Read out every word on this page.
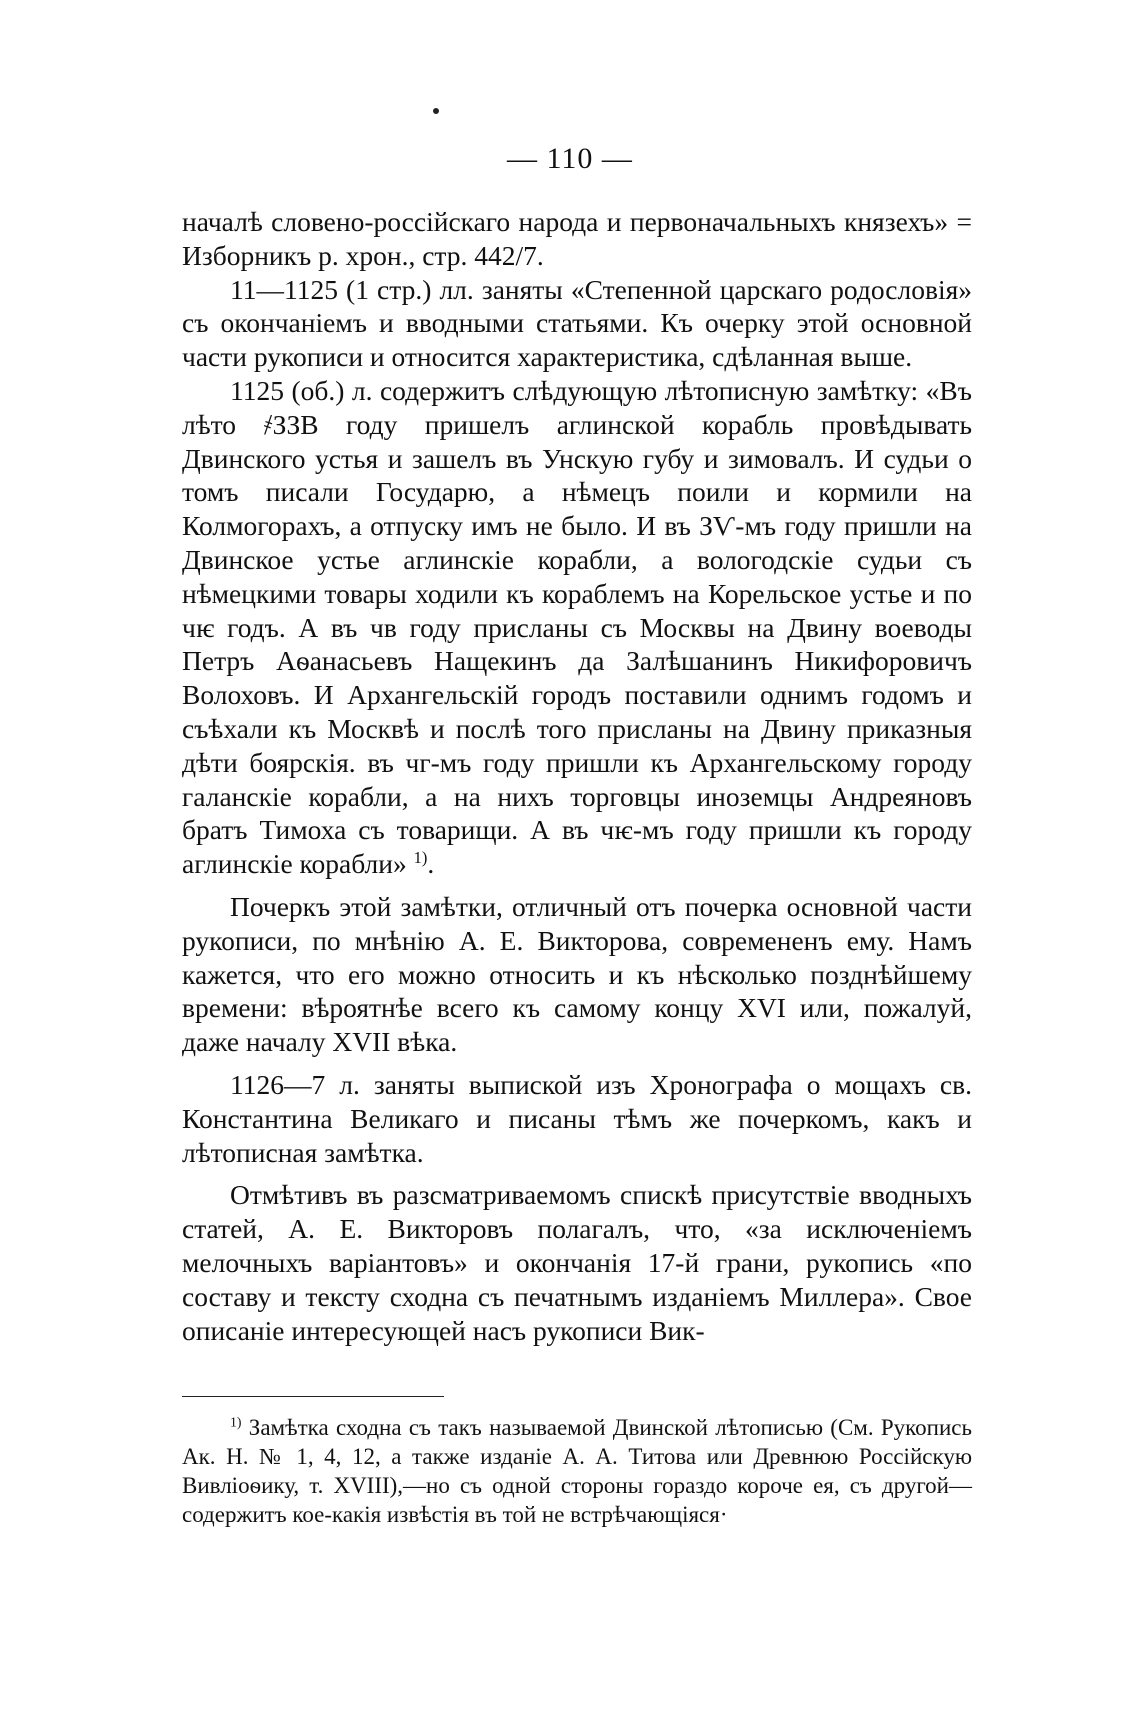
— 110 —

началѣ словено-россійскаго народа и первоначальныхъ князехъ» = Изборникъ р. хрон., стр. 442/7.

11—1125 (1 стр.) лл. заняты «Степенной царскаго родословія» съ окончаніемъ и вводными статьями. Къ очерку этой основной части рукописи и относится характеристика, сдѣланная выше.

1125 (об.) л. содержитъ слѣдующую лѣтописную замѣтку: «Въ лѣто ҂ЗЗВ году пришелъ аглинской корабль провѣдывать Двинского устья и зашелъ въ Унскую губу и зимовалъ. И судьи о томъ писали Государю, а нѣмецъ поили и кормили на Колмогорахъ, а отпуску имъ не было. И въ ЗѴ-мъ году пришли на Двинское устье аглинскіе корабли, а вологодскіе судьи съ нѣмецкими товары ходили къ кораблемъ на Корельское устье и по чѥ годъ. А въ чв году присланы съ Москвы на Двину воеводы Петръ Аѳанасьевъ Нащекинъ да Залѣшанинъ Никифоровичъ Волоховъ. И Архангельскій городъ поставили однимъ годомъ и съѣхали къ Москвѣ и послѣ того присланы на Двину приказныя дѣти боярскія. въ чг-мъ году пришли къ Архангельскому городу галанскіе корабли, а на нихъ торговцы иноземцы Андреяновъ братъ Тимоха съ товарищи. А въ чѥ-мъ году пришли къ городу аглинскіе корабли» $^{1)}$.

Почеркъ этой замѣтки, отличный отъ почерка основной части рукописи, по мнѣнію А. Е. Викторова, современенъ ему. Намъ кажется, что его можно относить и къ нѣсколько позднѣйшему времени: вѣроятнѣе всего къ самому концу XVI или, пожалуй, даже началу XVII вѣка.

1126—7 л. заняты выпиской изъ Хронографа о мощахъ св. Константина Великаго и писаны тѣмъ же почеркомъ, какъ и лѣтописная замѣтка.

Отмѣтивъ въ разсматриваемомъ спискѣ присутствіе вводныхъ статей, А. Е. Викторовъ полагалъ, что, «за исключеніемъ мелочныхъ варіантовъ» и окончанія 17-й грани, рукопись «по составу и тексту сходна съ печатнымъ изданіемъ Миллера». Свое описаніе интересующей насъ рукописи Вик-

$^{1)}$ Замѣтка сходна съ такъ называемой Двинской лѣтописью (См. Рукопись Ак. Н. № 1, 4, 12, а также изданіе А. А. Титова или Древнюю Россійскую Вивліоѳику, т. XVIII),—но съ одной стороны гораздо короче ея, съ другой—содержитъ кое-какія извѣстія въ той не встрѣчающіяся·
